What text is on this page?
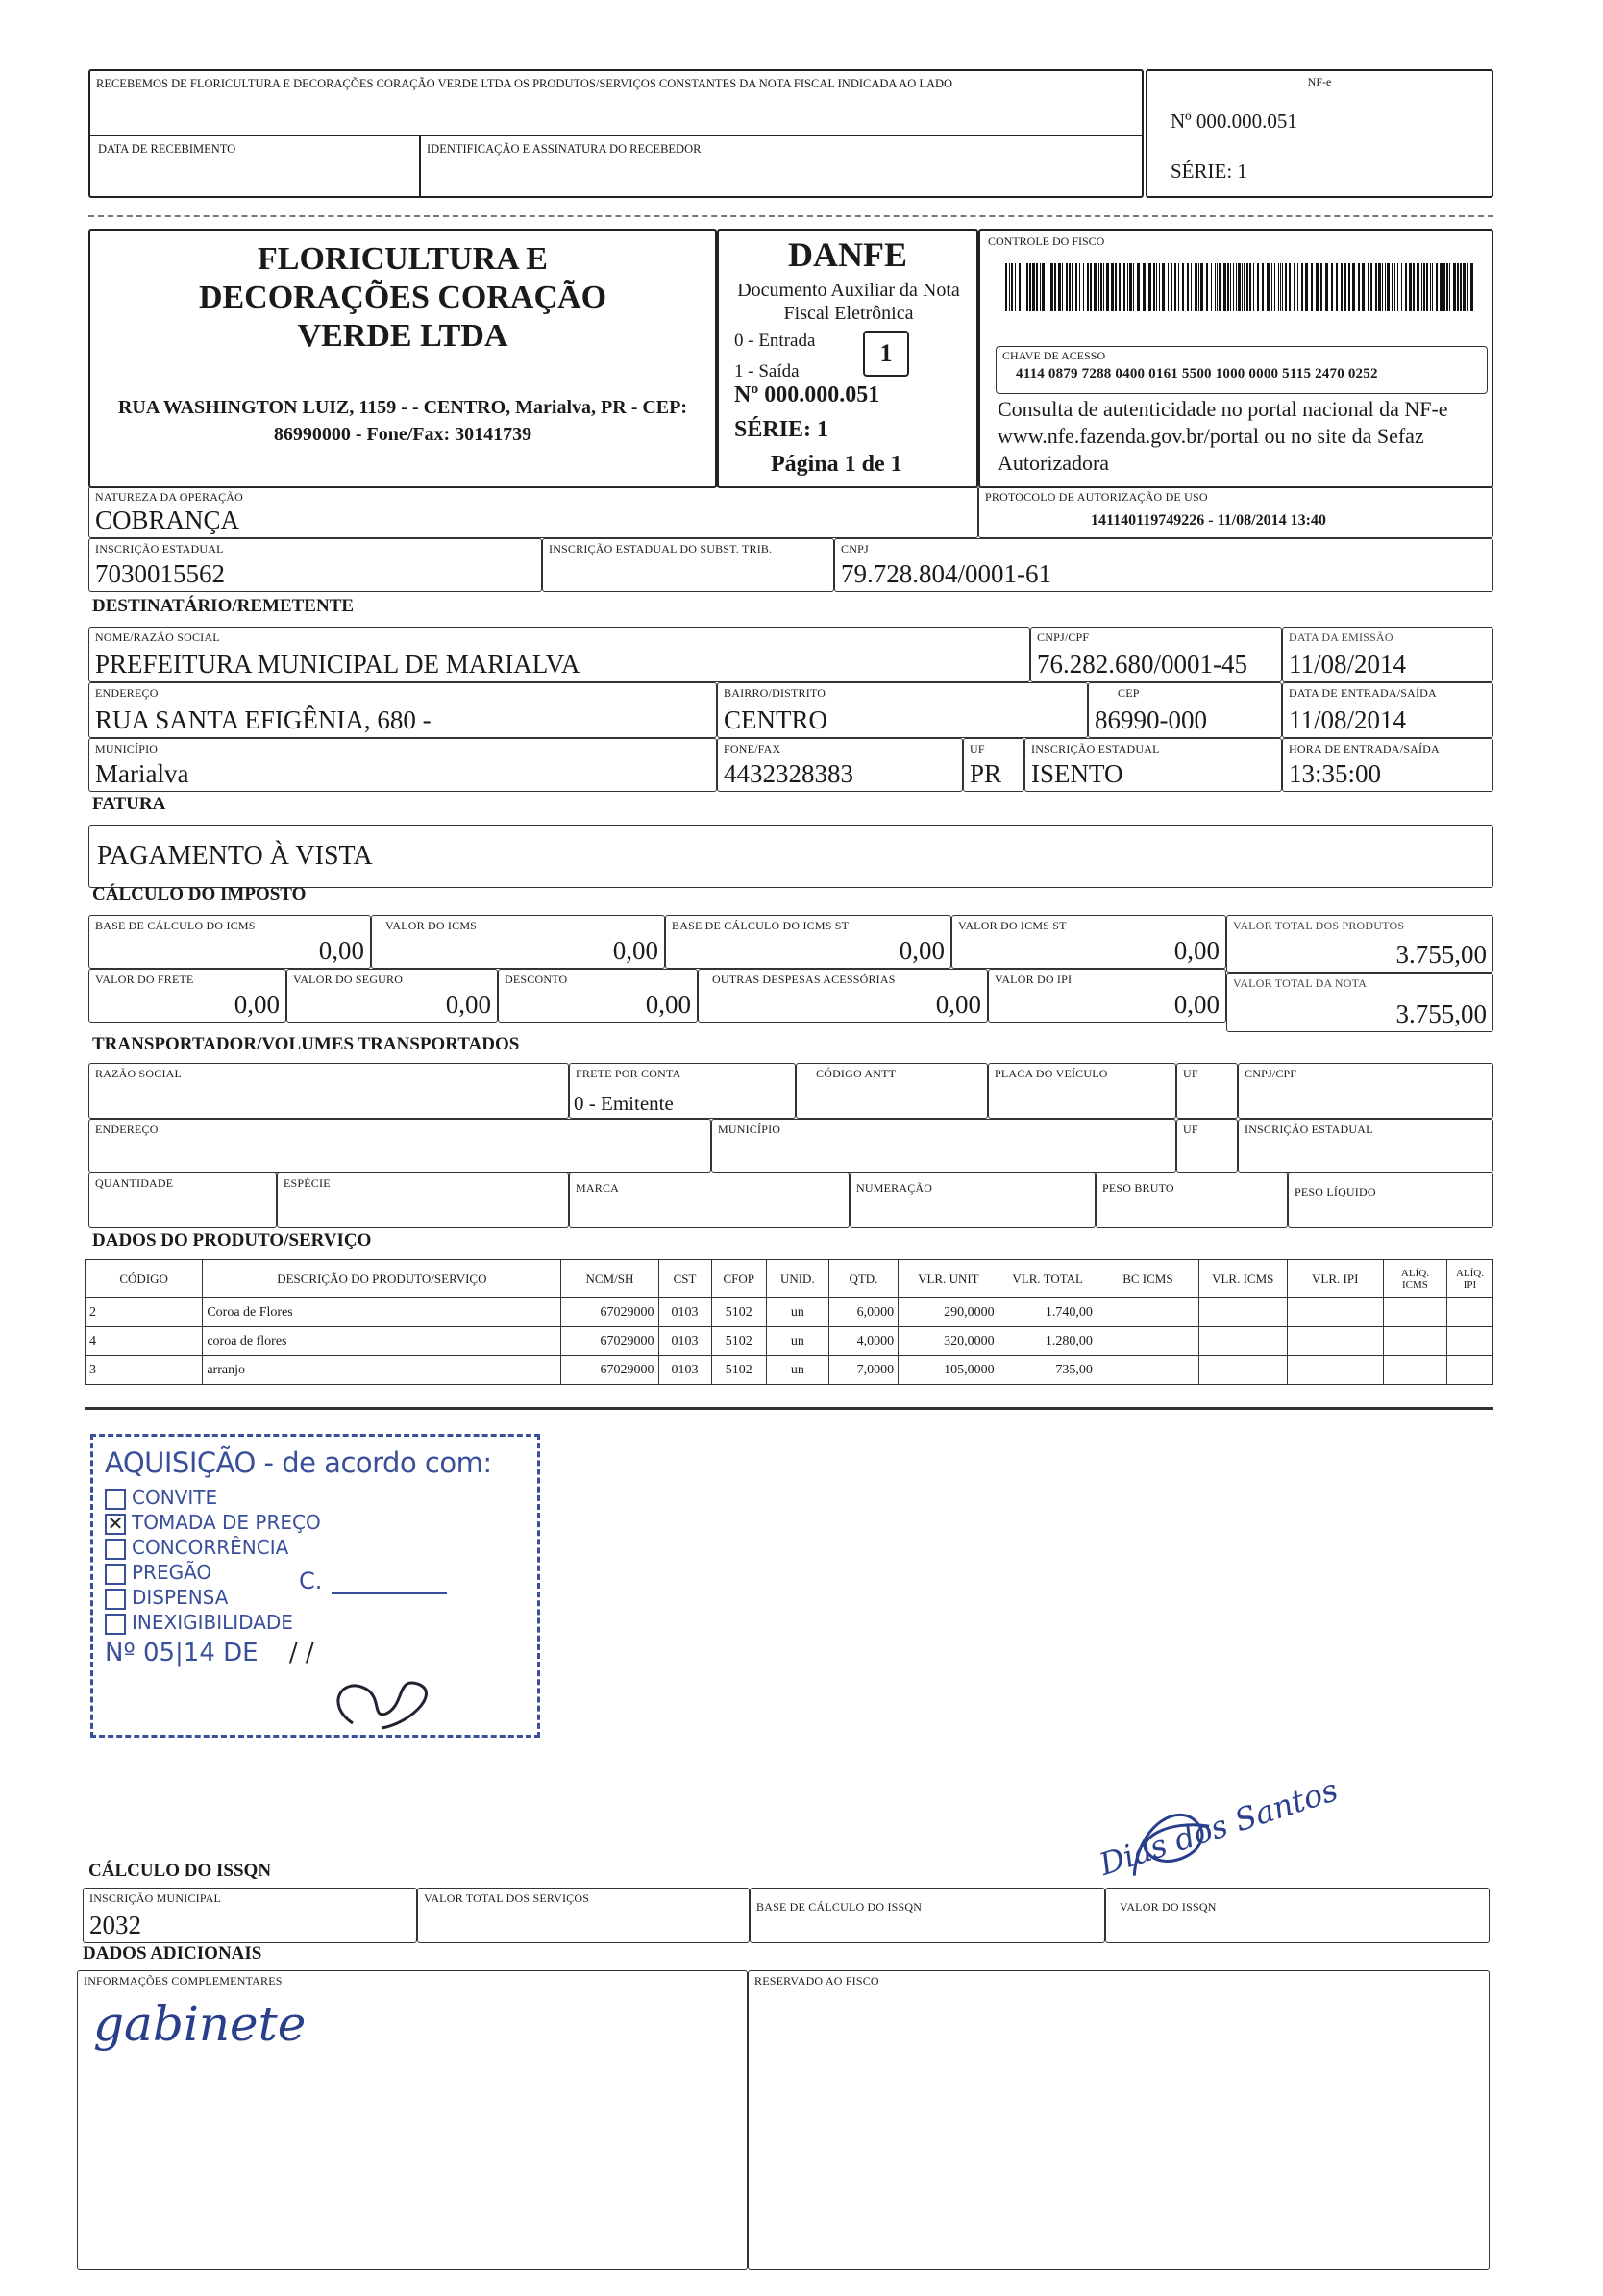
RECEBEMOS DE FLORICULTURA E DECORAÇÕES CORAÇÃO VERDE LTDA OS PRODUTOS/SERVIÇOS CONSTANTES DA NOTA FISCAL INDICADA AO LADO
DATA DE RECEBIMENTO	IDENTIFICAÇÃO E ASSINATURA DO RECEBEDOR
NF-e
Nº 000.000.051
SÉRIE: 1
FLORICULTURA E DECORAÇÕES CORAÇÃO VERDE LTDA
RUA WASHINGTON LUIZ, 1159 - - CENTRO, Marialva, PR - CEP: 86990000 - Fone/Fax: 30141739
DANFE
Documento Auxiliar da Nota Fiscal Eletrônica
0 - Entrada
1 - Saída
1
Nº 000.000.051
SÉRIE: 1
Página 1 de 1
CONTROLE DO FISCO
CHAVE DE ACESSO
4114 0879 7288 0400 0161 5500 1000 0000 5115 2470 0252
Consulta de autenticidade no portal nacional da NF-e www.nfe.fazenda.gov.br/portal ou no site da Sefaz Autorizadora
NATUREZA DA OPERAÇÃO
COBRANÇA
PROTOCOLO DE AUTORIZAÇÃO DE USO
141140119749226 - 11/08/2014 13:40
INSCRIÇÃO ESTADUAL
7030015562
INSCRIÇÃO ESTADUAL DO SUBST. TRIB.	CNPJ
79.728.804/0001-61
DESTINATÁRIO/REMETENTE
NOME/RAZÃO SOCIAL
PREFEITURA MUNICIPAL DE MARIALVA
CNPJ/CPF
76.282.680/0001-45
DATA DA EMISSÃO
11/08/2014
ENDEREÇO
RUA SANTA EFIGÊNIA, 680 -
BAIRRO/DISTRITO
CENTRO
CEP
86990-000
DATA DE ENTRADA/SAÍDA
11/08/2014
MUNICÍPIO
Marialva
FONE/FAX
4432328383
UF
PR
INSCRIÇÃO ESTADUAL
ISENTO
HORA DE ENTRADA/SAÍDA
13:35:00
FATURA
PAGAMENTO À VISTA
CÁLCULO DO IMPOSTO
BASE DE CÁLCULO DO ICMS
0,00
VALOR DO ICMS
0,00
BASE DE CÁLCULO DO ICMS ST
0,00
VALOR DO ICMS ST
0,00
VALOR TOTAL DOS PRODUTOS
3.755,00
VALOR DO FRETE
0,00
VALOR DO SEGURO
0,00
DESCONTO
0,00
OUTRAS DESPESAS ACESSÓRIAS
0,00
VALOR DO IPI
0,00
VALOR TOTAL DA NOTA
3.755,00
TRANSPORTADOR/VOLUMES TRANSPORTADOS
RAZÃO SOCIAL	FRETE POR CONTA
0 - Emitente
CÓDIGO ANTT	PLACA DO VEÍCULO	UF	CNPJ/CPF
ENDEREÇO	MUNICÍPIO	UF	INSCRIÇÃO ESTADUAL
QUANTIDADE	ESPÉCIE	MARCA	NUMERAÇÃO	PESO BRUTO	PESO LÍQUIDO
DADOS DO PRODUTO/SERVIÇO
CÓDIGO	DESCRIÇÃO DO PRODUTO/SERVIÇO	NCM/SH	CST	CFOP	UNID.	QTD.	VLR. UNIT	VLR. TOTAL	BC ICMS	VLR. ICMS	VLR. IPI	ALÍQ. ICMS	ALÍQ. IPI
2	Coroa de Flores	67029000	0103	5102	un	6,0000	290,0000	1.740,00					
4	coroa de flores	67029000	0103	5102	un	4,0000	320,0000	1.280,00					
3	arranjo	67029000	0103	5102	un	7,0000	105,0000	735,00					
AQUISIÇÃO - de acordo com:
CONVITE
✕ TOMADA DE PREÇO
CONCORRÊNCIA
PREGÃO
DISPENSA
INEXIGIBILIDADE
Nº 05|14 DE / /
C.
Dias dos Santos
CÁLCULO DO ISSQN
INSCRIÇÃO MUNICIPAL
2032
VALOR TOTAL DOS SERVIÇOS
BASE DE CÁLCULO DO ISSQN	VALOR DO ISSQN
DADOS ADICIONAIS
INFORMAÇÕES COMPLEMENTARES
gabinete
RESERVADO AO FISCO
